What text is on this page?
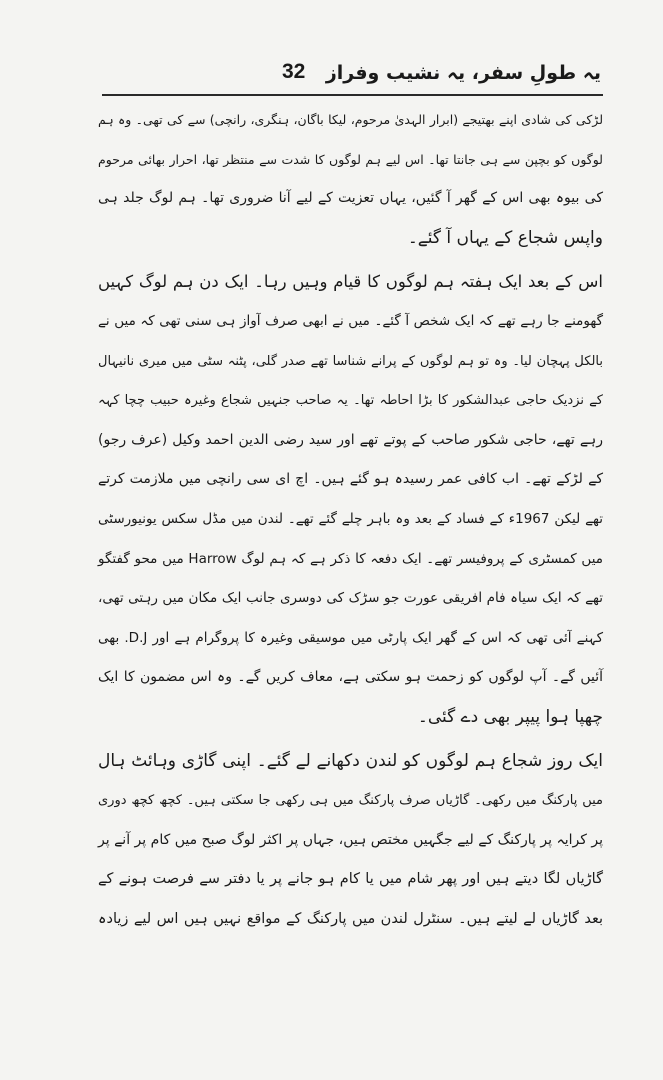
یہ طولِ سفر، یہ نشیب وفراز
32

لڑکی کی شادی اپنے بھتیجے (ابرار الہدیٰ مرحوم، لیکا باگان، ہنگری، رانچی) سے کی تھی۔ وہ ہم
لوگوں کو بچپن سے ہی جانتا تھا۔ اس لیے ہم لوگوں کا شدت سے منتظر تھا، احرار بھائی مرحوم
کی بیوہ بھی اس کے گھر آ گئیں، یہاں تعزیت کے لیے آنا ضروری تھا۔ ہم لوگ جلد ہی
واپس شجاع کے یہاں آ گئے۔

اس کے بعد ایک ہفتہ ہم لوگوں کا قیام وہیں رہا۔ ایک دن ہم لوگ کہیں
گھومنے جا رہے تھے کہ ایک شخص آ گئے۔ میں نے ابھی صرف آواز ہی سنی تھی کہ میں نے
بالکل پہچان لیا۔ وہ تو ہم لوگوں کے پرانے شناسا تھے صدر گلی، پٹنہ سٹی میں میری نانیہال
کے نزدیک حاجی عبدالشکور کا بڑا احاطہ تھا۔ یہ صاحب جنہیں شجاع وغیرہ حبیب چچا کہہ
رہے تھے، حاجی شکور صاحب کے پوتے تھے اور سید رضی الدین احمد وکیل (عرف رجو)
کے لڑکے تھے۔ اب کافی عمر رسیدہ ہو گئے ہیں۔ اچ ای سی رانچی میں ملازمت کرتے
تھے لیکن 1967ء کے فساد کے بعد وہ باہر چلے گئے تھے۔ لندن میں مڈل سکس یونیورسٹی
میں کمسٹری کے پروفیسر تھے۔ ایک دفعہ کا ذکر ہے کہ ہم لوگ Harrow میں محو گفتگو
تھے کہ ایک سیاہ فام افریقی عورت جو سڑک کی دوسری جانب ایک مکان میں رہتی تھی،
کہنے آئی تھی کہ اس کے گھر ایک پارٹی میں موسیقی وغیرہ کا پروگرام ہے اور D.J. بھی
آئیں گے۔ آپ لوگوں کو زحمت ہو سکتی ہے، معاف کریں گے۔ وہ اس مضمون کا ایک
چھپا ہوا پیپر بھی دے گئی۔

ایک روز شجاع ہم لوگوں کو لندن دکھانے لے گئے۔ اپنی گاڑی وہائٹ ہال
میں پارکنگ میں رکھی۔ گاڑیاں صرف پارکنگ میں ہی رکھی جا سکتی ہیں۔ کچھ کچھ دوری
پر کرایہ پر پارکنگ کے لیے جگہیں مختص ہیں، جہاں پر اکثر لوگ صبح میں کام پر آنے پر
گاڑیاں لگا دیتے ہیں اور پھر شام میں یا کام ہو جانے پر یا دفتر سے فرصت ہونے کے
بعد گاڑیاں لے لیتے ہیں۔ سنٹرل لندن میں پارکنگ کے مواقع نہیں ہیں اس لیے زیادہ
